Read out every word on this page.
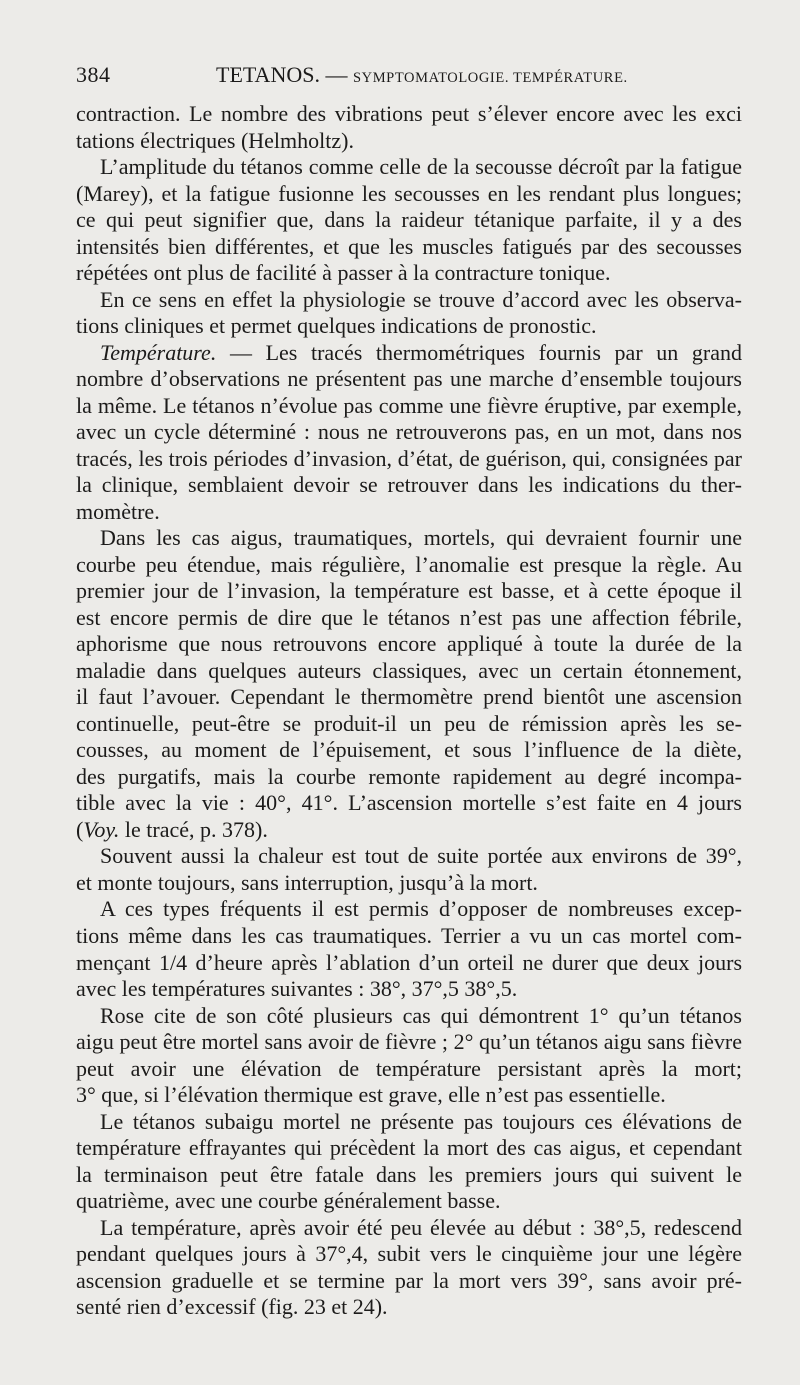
384	TETANOS. — SYMPTOMATOLOGIE. TEMPÉRATURE.
contraction. Le nombre des vibrations peut s’élever encore avec les exci
tations électriques (Helmholtz).
L’amplitude du tétanos comme celle de la secousse décroît par la fatigue
(Marey), et la fatigue fusionne les secousses en les rendant plus longues;
ce qui peut signifier que, dans la raideur tétanique parfaite, il y a des
intensités bien différentes, et que les muscles fatigués par des secousses
répétées ont plus de facilité à passer à la contracture tonique.
En ce sens en effet la physiologie se trouve d’accord avec les observa-
tions cliniques et permet quelques indications de pronostic.
Température. — Les tracés thermométriques fournis par un grand
nombre d’observations ne présentent pas une marche d’ensemble toujours
la même. Le tétanos n’évolue pas comme une fièvre éruptive, par exemple,
avec un cycle déterminé : nous ne retrouverons pas, en un mot, dans nos
tracés, les trois périodes d’invasion, d’état, de guérison, qui, consignées par
la clinique, semblaient devoir se retrouver dans les indications du ther-
momètre.
Dans les cas aigus, traumatiques, mortels, qui devraient fournir une
courbe peu étendue, mais régulière, l’anomalie est presque la règle. Au
premier jour de l’invasion, la température est basse, et à cette époque il
est encore permis de dire que le tétanos n’est pas une affection fébrile,
aphorisme que nous retrouvons encore appliqué à toute la durée de la
maladie dans quelques auteurs classiques, avec un certain étonnement,
il faut l’avouer. Cependant le thermomètre prend bientôt une ascension
continuelle, peut-être se produit-il un peu de rémission après les se-
cousses, au moment de l’épuisement, et sous l’influence de la diète,
des purgatifs, mais la courbe remonte rapidement au degré incompa-
tible avec la vie : 40°, 41°. L’ascension mortelle s’est faite en 4 jours
(Voy. le tracé, p. 378).
Souvent aussi la chaleur est tout de suite portée aux environs de 39°,
et monte toujours, sans interruption, jusqu’à la mort.
A ces types fréquents il est permis d’opposer de nombreuses excep-
tions même dans les cas traumatiques. Terrier a vu un cas mortel com-
mençant 1/4 d’heure après l’ablation d’un orteil ne durer que deux jours
avec les températures suivantes : 38°, 37°,5 38°,5.
Rose cite de son côté plusieurs cas qui démontrent 1° qu’un tétanos
aigu peut être mortel sans avoir de fièvre ; 2° qu’un tétanos aigu sans fièvre
peut avoir une élévation de température persistant après la mort;
3° que, si l’élévation thermique est grave, elle n’est pas essentielle.
Le tétanos subaigu mortel ne présente pas toujours ces élévations de
température effrayantes qui précèdent la mort des cas aigus, et cependant
la terminaison peut être fatale dans les premiers jours qui suivent le
quatrième, avec une courbe généralement basse.
La température, après avoir été peu élevée au début : 38°,5, redescend
pendant quelques jours à 37°,4, subit vers le cinquième jour une légère
ascension graduelle et se termine par la mort vers 39°, sans avoir pré-
senté rien d’excessif (fig. 23 et 24).
